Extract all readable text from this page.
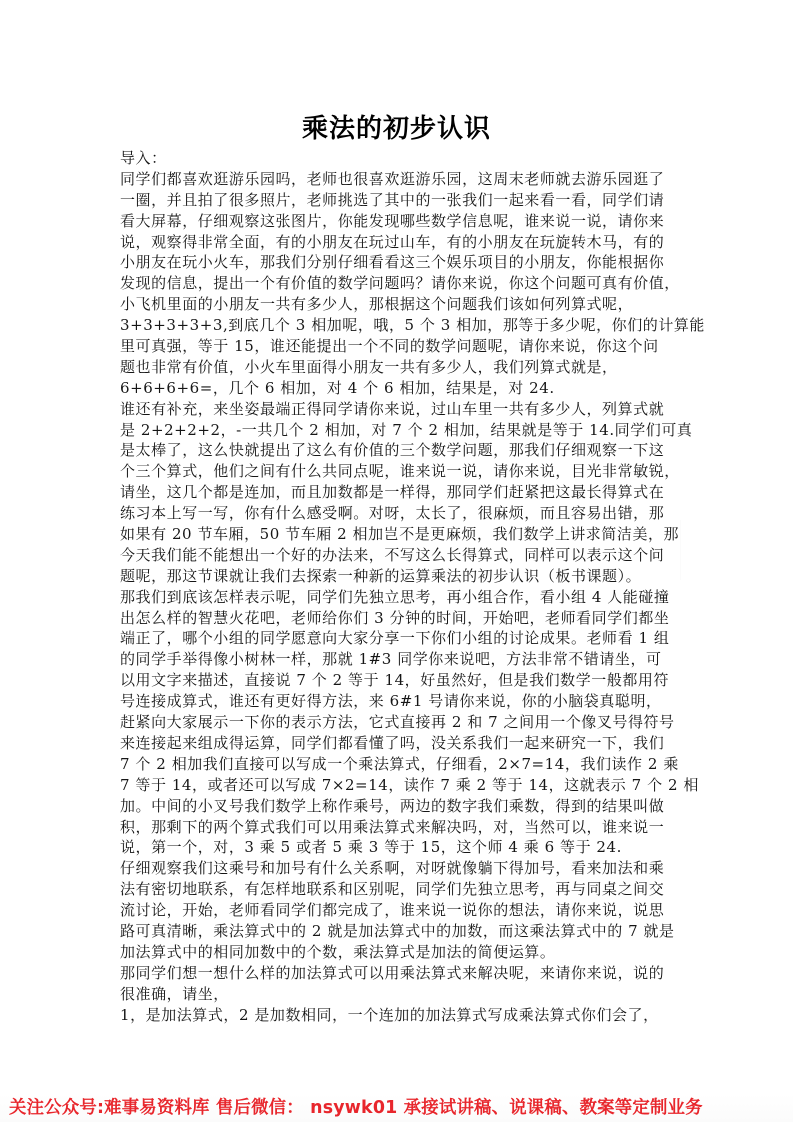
乘法的初步认识
导入：
同学们都喜欢逛游乐园吗，老师也很喜欢逛游乐园，这周末老师就去游乐园逛了
一圈，并且拍了很多照片，老师挑选了其中的一张我们一起来看一看，同学们请
看大屏幕，仔细观察这张图片，你能发现哪些数学信息呢，谁来说一说，请你来
说，观察得非常全面，有的小朋友在玩过山车，有的小朋友在玩旋转木马，有的
小朋友在玩小火车，那我们分别仔细看看这三个娱乐项目的小朋友，你能根据你
发现的信息，提出一个有价值的数学问题吗？请你来说，你这个问题可真有价值，
小飞机里面的小朋友一共有多少人，那根据这个问题我们该如何列算式呢，
3+3+3+3+3,到底几个 3 相加呢，哦，5 个 3 相加，那等于多少呢，你们的计算能
里可真强，等于 15，谁还能提出一个不同的数学问题呢，请你来说，你这个问
题也非常有价值，小火车里面得小朋友一共有多少人，我们列算式就是，
6+6+6+6=，几个 6 相加，对 4 个 6 相加，结果是，对 24.
谁还有补充，来坐姿最端正得同学请你来说，过山车里一共有多少人，列算式就
是 2+2+2+2，-一共几个 2 相加，对 7 个 2 相加，结果就是等于 14.同学们可真
是太棒了，这么快就提出了这么有价值的三个数学问题，那我们仔细观察一下这
个三个算式，他们之间有什么共同点呢，谁来说一说，请你来说，目光非常敏锐，
请坐，这几个都是连加，而且加数都是一样得，那同学们赶紧把这最长得算式在
练习本上写一写，你有什么感受啊。对呀，太长了，很麻烦，而且容易出错，那
如果有 20 节车厢，50 节车厢 2 相加岂不是更麻烦，我们数学上讲求简洁美，那
今天我们能不能想出一个好的办法来，不写这么长得算式，同样可以表示这个问
题呢，那这节课就让我们去探索一种新的运算乘法的初步认识（板书课题）。
那我们到底该怎样表示呢，同学们先独立思考，再小组合作，看小组 4 人能碰撞
出怎么样的智慧火花吧，老师给你们 3 分钟的时间，开始吧，老师看同学们都坐
端正了，哪个小组的同学愿意向大家分享一下你们小组的讨论成果。老师看 1 组
的同学手举得像小树林一样，那就 1#3 同学你来说吧，方法非常不错请坐，可
以用文字来描述，直接说 7 个 2 等于 14，好虽然好，但是我们数学一般都用符
号连接成算式，谁还有更好得方法，来 6#1 号请你来说，你的小脑袋真聪明，
赶紧向大家展示一下你的表示方法，它式直接再 2 和 7 之间用一个像叉号得符号
来连接起来组成得运算，同学们都看懂了吗，没关系我们一起来研究一下，我们
7 个 2 相加我们直接可以写成一个乘法算式，仔细看，2×7=14，我们读作 2 乘
7 等于 14，或者还可以写成 7×2=14，读作 7 乘 2 等于 14，这就表示 7 个 2 相
加。中间的小叉号我们数学上称作乘号，两边的数字我们乘数，得到的结果叫做
积，那剩下的两个算式我们可以用乘法算式来解决吗，对，当然可以，谁来说一
说，第一个，对，3 乘 5 或者 5 乘 3 等于 15，这个师 4 乘 6 等于 24.
仔细观察我们这乘号和加号有什么关系啊，对呀就像躺下得加号，看来加法和乘
法有密切地联系，有怎样地联系和区别呢，同学们先独立思考，再与同桌之间交
流讨论，开始，老师看同学们都完成了，谁来说一说你的想法，请你来说，说思
路可真清晰，乘法算式中的 2 就是加法算式中的加数，而这乘法算式中的 7 就是
加法算式中的相同加数中的个数，乘法算式是加法的简便运算。
那同学们想一想什么样的加法算式可以用乘法算式来解决呢，来请你来说，说的
很准确，请坐，
1，是加法算式，2 是加数相同，一个连加的加法算式写成乘法算式你们会了，
关注公众号:难事易资料库 售后微信： nsywk01 承接试讲稿、说课稿、教案等定制业务
